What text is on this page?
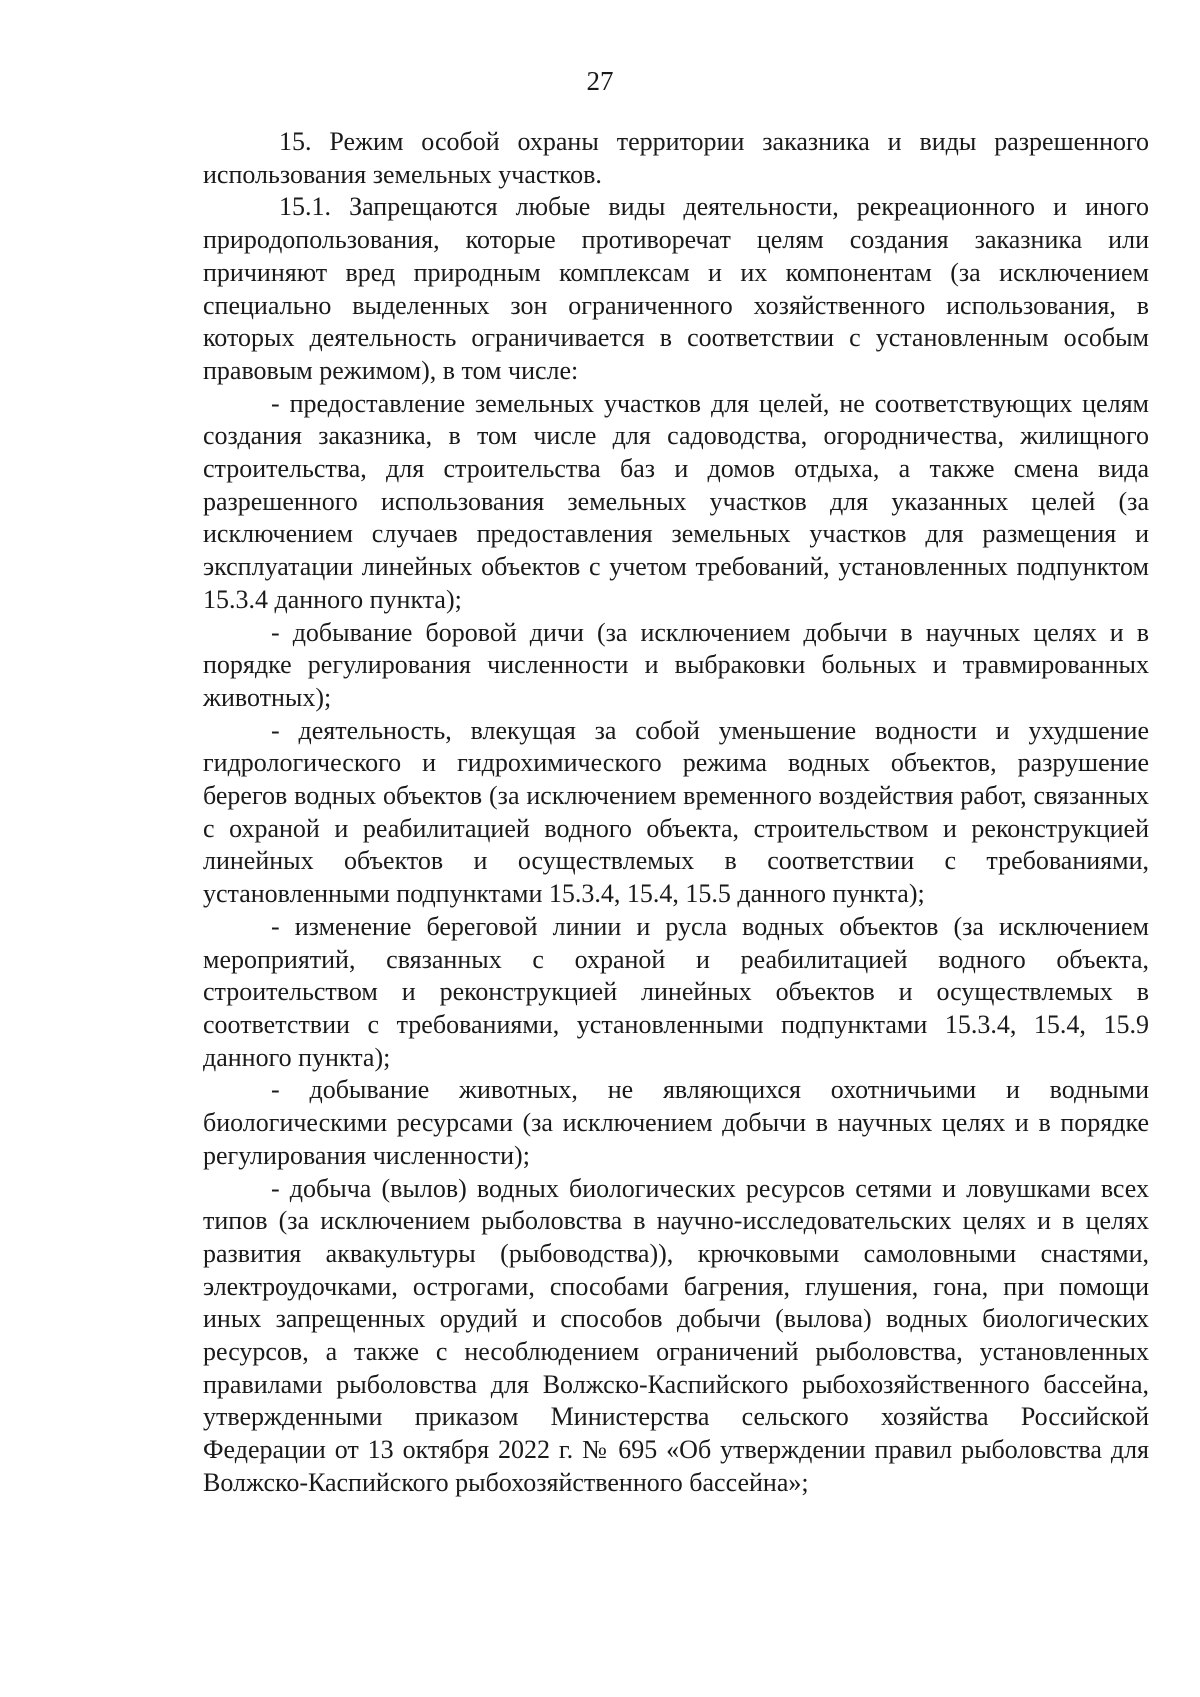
27

15. Режим особой охраны территории заказника и виды разрешенного использования земельных участков.

15.1. Запрещаются любые виды деятельности, рекреационного и иного природопользования, которые противоречат целям создания заказника или причиняют вред природным комплексам и их компонентам (за исключением специально выделенных зон ограниченного хозяйственного использования, в которых деятельность ограничивается в соответствии с установленным особым правовым режимом), в том числе:

- предоставление земельных участков для целей, не соответствующих целям создания заказника, в том числе для садоводства, огородничества, жилищного строительства, для строительства баз и домов отдыха, а также смена вида разрешенного использования земельных участков для указанных целей (за исключением случаев предоставления земельных участков для размещения и эксплуатации линейных объектов с учетом требований, установленных подпунктом 15.3.4 данного пункта);

- добывание боровой дичи (за исключением добычи в научных целях и в порядке регулирования численности и выбраковки больных и травмированных животных);

- деятельность, влекущая за собой уменьшение водности и ухудшение гидрологического и гидрохимического режима водных объектов, разрушение берегов водных объектов (за исключением временного воздействия работ, связанных с охраной и реабилитацией водного объекта, строительством и реконструкцией линейных объектов и осуществлемых в соответствии с требованиями, установленными подпунктами 15.3.4, 15.4, 15.5 данного пункта);

- изменение береговой линии и русла водных объектов (за исключением мероприятий, связанных с охраной и реабилитацией водного объекта, строительством и реконструкцией линейных объектов и осуществлемых в соответствии с требованиями, установленными подпунктами 15.3.4, 15.4, 15.9 данного пункта);

- добывание животных, не являющихся охотничьими и водными биологическими ресурсами (за исключением добычи в научных целях и в порядке регулирования численности);

- добыча (вылов) водных биологических ресурсов сетями и ловушками всех типов (за исключением рыболовства в научно-исследовательских целях и в целях развития аквакультуры (рыбоводства)), крючковыми самоловными снастями, электроудочками, острогами, способами багрения, глушения, гона, при помощи иных запрещенных орудий и способов добычи (вылова) водных биологических ресурсов, а также с несоблюдением ограничений рыболовства, установленных правилами рыболовства для Волжско-Каспийского рыбохозяйственного бассейна, утвержденными приказом Министерства сельского хозяйства Российской Федерации от 13 октября 2022 г. № 695 «Об утверждении правил рыболовства для Волжско-Каспийского рыбохозяйственного бассейна»;
